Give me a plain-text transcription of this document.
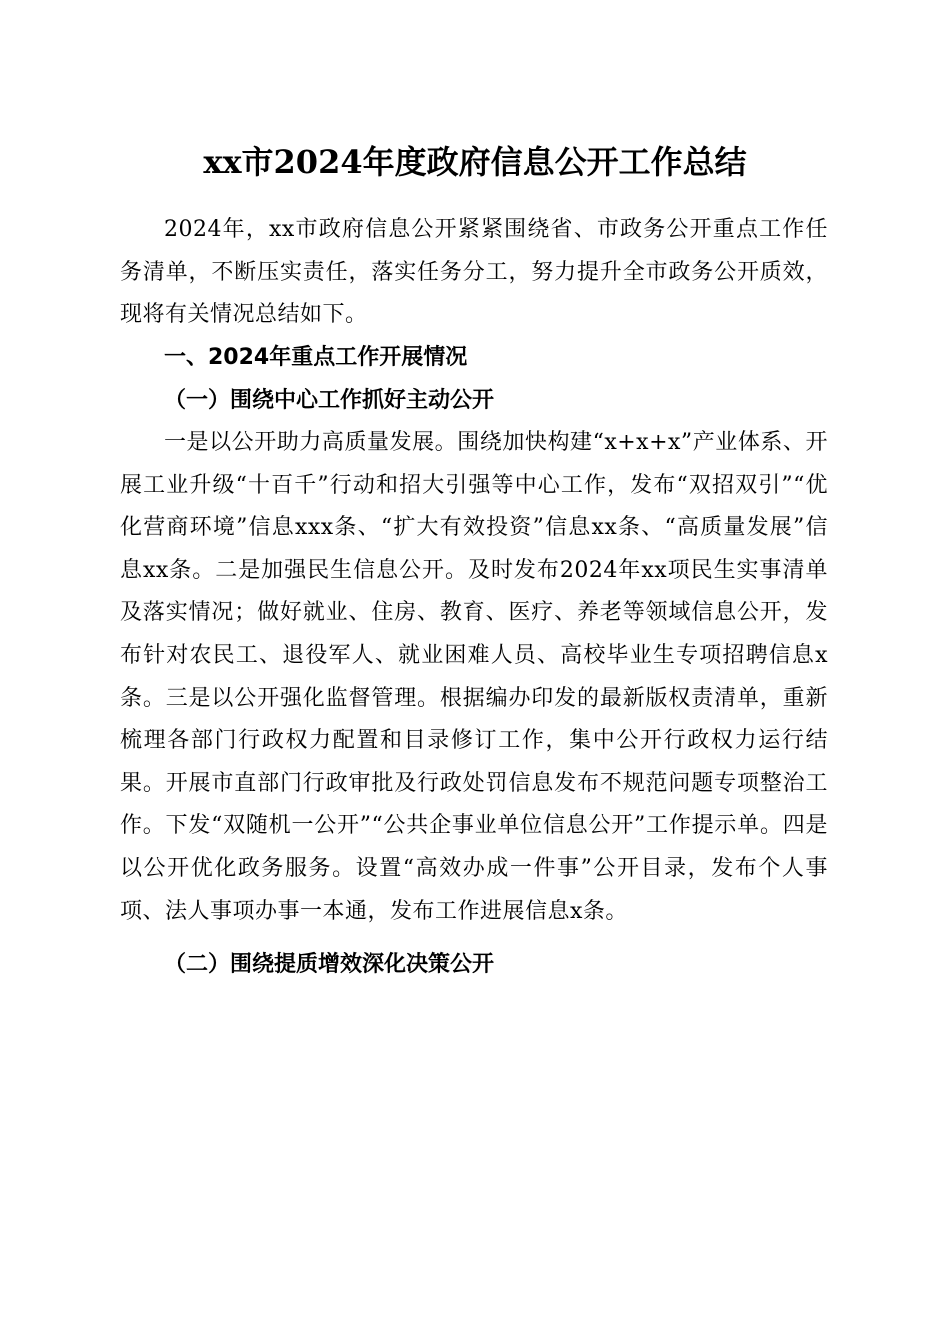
xx市2024年度政府信息公开工作总结

2024年，xx市政府信息公开紧紧围绕省、市政务公开重点工作任务清单，不断压实责任，落实任务分工，努力提升全市政务公开质效，现将有关情况总结如下。

一、2024年重点工作开展情况

（一）围绕中心工作抓好主动公开

一是以公开助力高质量发展。围绕加快构建“x+x+x”产业体系、开展工业升级“十百千”行动和招大引强等中心工作，发布“双招双引”“优化营商环境”信息xxx条、“扩大有效投资”信息xx条、“高质量发展”信息xx条。二是加强民生信息公开。及时发布2024年xx项民生实事清单及落实情况；做好就业、住房、教育、医疗、养老等领域信息公开，发布针对农民工、退役军人、就业困难人员、高校毕业生专项招聘信息x条。三是以公开强化监督管理。根据编办印发的最新版权责清单，重新梳理各部门行政权力配置和目录修订工作，集中公开行政权力运行结果。开展市直部门行政审批及行政处罚信息发布不规范问题专项整治工作。下发“双随机一公开”“公共企事业单位信息公开”工作提示单。四是以公开优化政务服务。设置“高效办成一件事”公开目录，发布个人事项、法人事项办事一本通，发布工作进展信息x条。

（二）围绕提质增效深化决策公开
